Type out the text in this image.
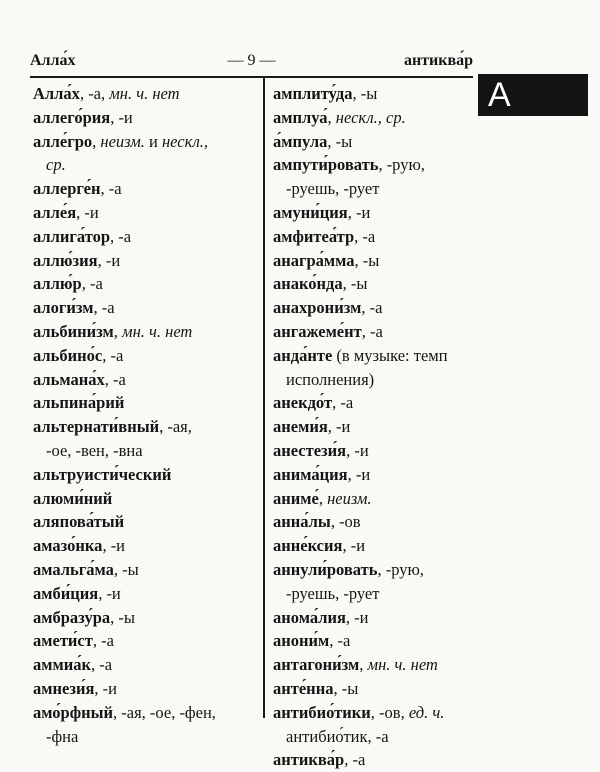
Алла́х	— 9 —	антиква́р
А
Алла́х, -а, мн. ч. нет
аллего́рия, -и
алле́гро, неизм. и нескл.,
ср.
аллерге́н, -а
алле́я, -и
аллига́тор, -а
аллю́зия, -и
аллю́р, -а
алоги́зм, -а
альбини́зм, мн. ч. нет
альбино́с, -а
альмана́х, -а
альпина́рий
альтернати́вный, -ая,
-ое, -вен, -вна
альтруисти́ческий
алюми́ний
аляпова́тый
амазо́нка, -и
амальга́ма, -ы
амби́ция, -и
амбразу́ра, -ы
амети́ст, -а
аммиа́к, -а
амнези́я, -и
амо́рфный, -ая, -ое, -фен,
-фна
амплиту́да, -ы
амплуа́, нескл., ср.
а́мпула, -ы
ампути́ровать, -рую,
-руешь, -рует
амуни́ция, -и
амфитеа́тр, -а
анагра́мма, -ы
анако́нда, -ы
анахрони́зм, -а
ангажеме́нт, -а
анда́нте (в музыке: темп
исполнения)
анекдо́т, -а
анеми́я, -и
анестези́я, -и
анима́ция, -и
аниме́, неизм.
анна́лы, -ов
анне́ксия, -и
аннули́ровать, -рую,
-руешь, -рует
анома́лия, -и
анони́м, -а
антагони́зм, мн. ч. нет
анте́нна, -ы
антибио́тики, -ов, ед. ч.
антибио́тик, -а
антиква́р, -а
